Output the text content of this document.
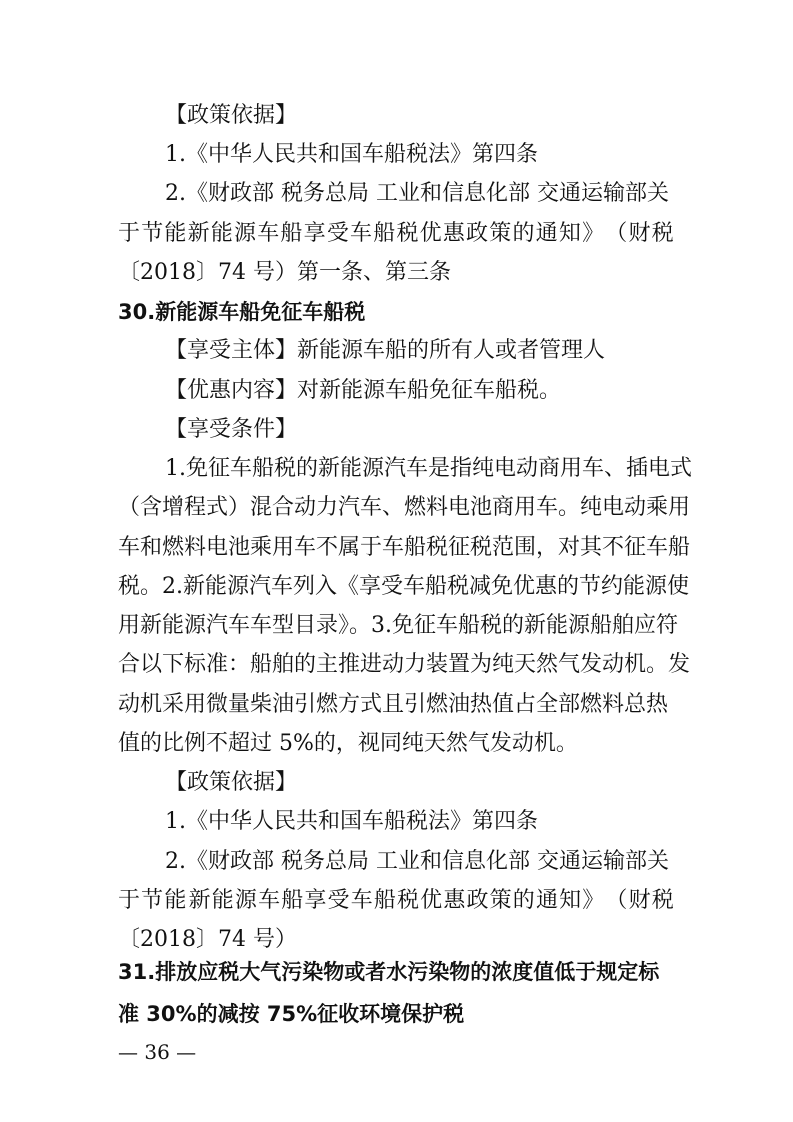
【政策依据】
1.《中华人民共和国车船税法》第四条
2.《财政部 税务总局 工业和信息化部 交通运输部关
于 节 能 新 能 源 车 船 享 受 车 船 税 优 惠 政 策 的 通 知 》 （ 财 税
〔2018〕74 号）第一条、第三条
30.新能源车船免征车船税
【享受主体】新能源车船的所有人或者管理人
【优惠内容】对新能源车船免征车船税。
【享受条件】
1.免征车船税的新能源汽车是指纯电动商用车、插电式
（含增程式）混合动力汽车、燃料电池商用车。纯电动乘用
车和燃料电池乘用车不属于车船税征税范围，对其不征车船
税。2.新能源汽车列入《享受车船税减免优惠的节约能源使
用新能源汽车车型目录》。3.免征车船税的新能源船舶应符
合以下标准：船舶的主推进动力装置为纯天然气发动机。发
动机采用微量柴油引燃方式且引燃油热值占全部燃料总热
值的比例不超过 5%的，视同纯天然气发动机。
【政策依据】
1.《中华人民共和国车船税法》第四条
2.《财政部 税务总局 工业和信息化部 交通运输部关
于 节 能 新 能 源 车 船 享 受 车 船 税 优 惠 政 策 的 通 知 》 （ 财 税
〔2018〕74 号）
31.排放应税大气污染物或者水污染物的浓度值低于规定标
准 30%的减按 75%征收环境保护税
— 36 —
